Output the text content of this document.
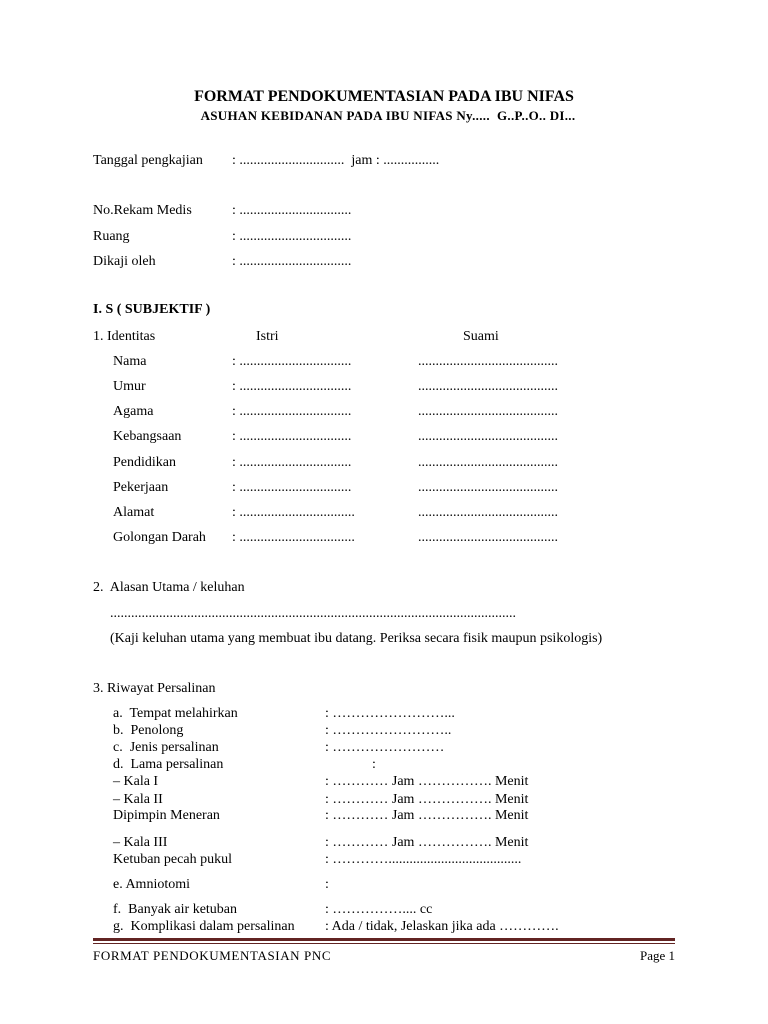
FORMAT PENDOKUMENTASIAN PADA IBU NIFAS
ASUHAN KEBIDANAN PADA IBU NIFAS Ny.....  G..P..O.. DI...
Tanggal pengkajian : ..............................  jam : ................
No.Rekam Medis	: ................................
Ruang	: ................................
Dikaji oleh	: ................................
I. S ( SUBJEKTIF )
1. Identitas	Istri	Suami
Nama	: ................................	........................................
Umur	: ................................	........................................
Agama	: ................................	........................................
Kebangsaan	: ................................	........................................
Pendidikan	: ................................	........................................
Pekerjaan	: ................................	........................................
Alamat	: .................................	........................................
Golongan Darah : .................................	........................................
2.  Alasan Utama / keluhan
....................................................................................................................
(Kaji keluhan utama yang membuat ibu datang. Periksa secara fisik maupun psikologis)
3. Riwayat Persalinan
a.  Tempat melahirkan	: ……………………...
b.  Penolong	: ……………………..
c.  Jenis persalinan	: ……………………
d.  Lama persalinan	:
‒ Kala I	: ………… Jam ……………. Menit
‒ Kala II	: ………… Jam ……………. Menit
Dipimpin Meneran	: ………… Jam ……………. Menit
‒ Kala III	: ………… Jam ……………. Menit
Ketuban pecah pukul	: …………......................................
e. Amniotomi	:
f.  Banyak air ketuban	: …………….... cc
g.  Komplikasi dalam persalinan : Ada / tidak, Jelaskan jika ada ………….
FORMAT PENDOKUMENTASIAN PNC	Page 1
